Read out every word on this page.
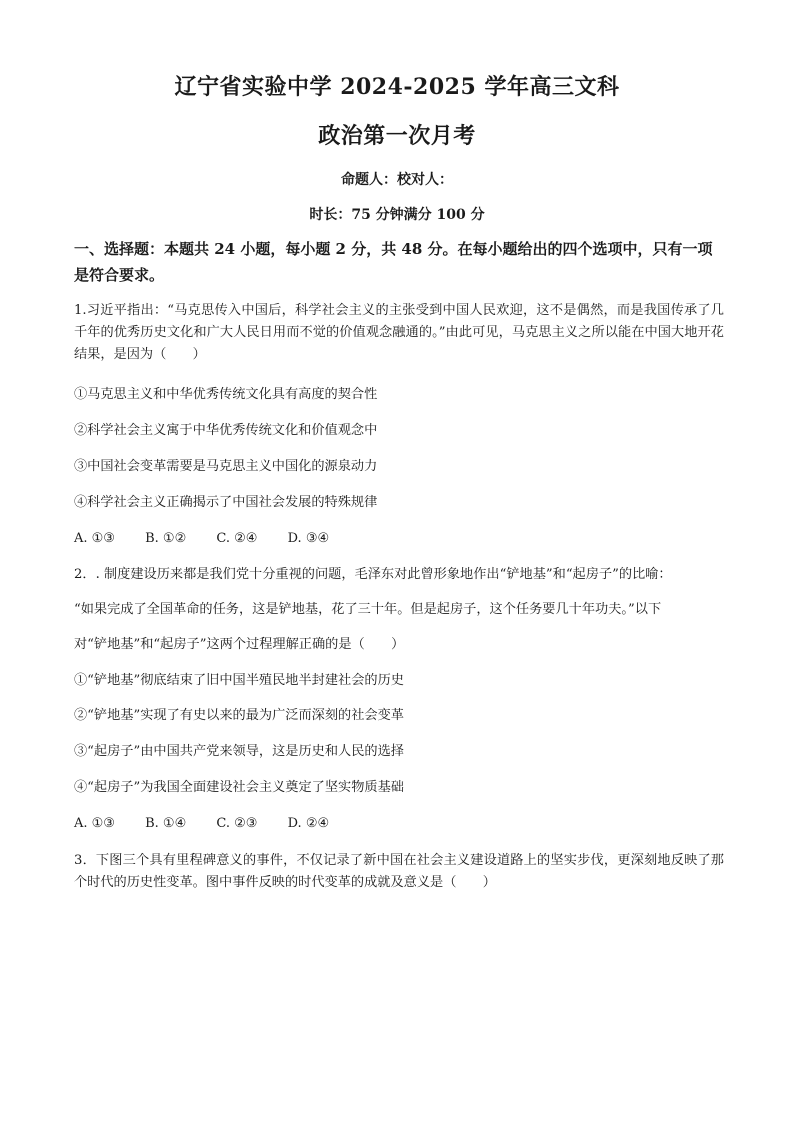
辽宁省实验中学 2024-2025 学年高三文科
政治第一次月考
命题人：校对人：
时长：75 分钟满分 100 分
一、选择题：本题共 24 小题，每小题 2 分，共 48 分。在每小题给出的四个选项中，只有一项是符合要求。
1.习近平指出：“马克思传入中国后，科学社会主义的主张受到中国人民欢迎，这不是偶然，而是我国传承了几千年的优秀历史文化和广大人民日用而不觉的价值观念融通的。”由此可见，马克思主义之所以能在中国大地开花结果，是因为（　　）
①马克思主义和中华优秀传统文化具有高度的契合性
②科学社会主义寓于中华优秀传统文化和价值观念中
③中国社会变革需要是马克思主义中国化的源泉动力
④科学社会主义正确揭示了中国社会发展的特殊规律
A. ①③ B. ①② C. ②④ D. ③④
2．. 制度建设历来都是我们党十分重视的问题，毛泽东对此曾形象地作出“铲地基”和“起房子”的比喻：
“如果完成了全国革命的任务，这是铲地基，花了三十年。但是起房子，这个任务要几十年功夫。”以下
对“铲地基”和“起房子”这两个过程理解正确的是（　　）
①“铲地基”彻底结束了旧中国半殖民地半封建社会的历史
②“铲地基”实现了有史以来的最为广泛而深刻的社会变革
③“起房子”由中国共产党来领导，这是历史和人民的选择
④“起房子”为我国全面建设社会主义奠定了坚实物质基础
A. ①③ B. ①④ C. ②③ D. ②④
3．下图三个具有里程碑意义的事件，不仅记录了新中国在社会主义建设道路上的坚实步伐，更深刻地反映了那个时代的历史性变革。图中事件反映的时代变革的成就及意义是（　　）
